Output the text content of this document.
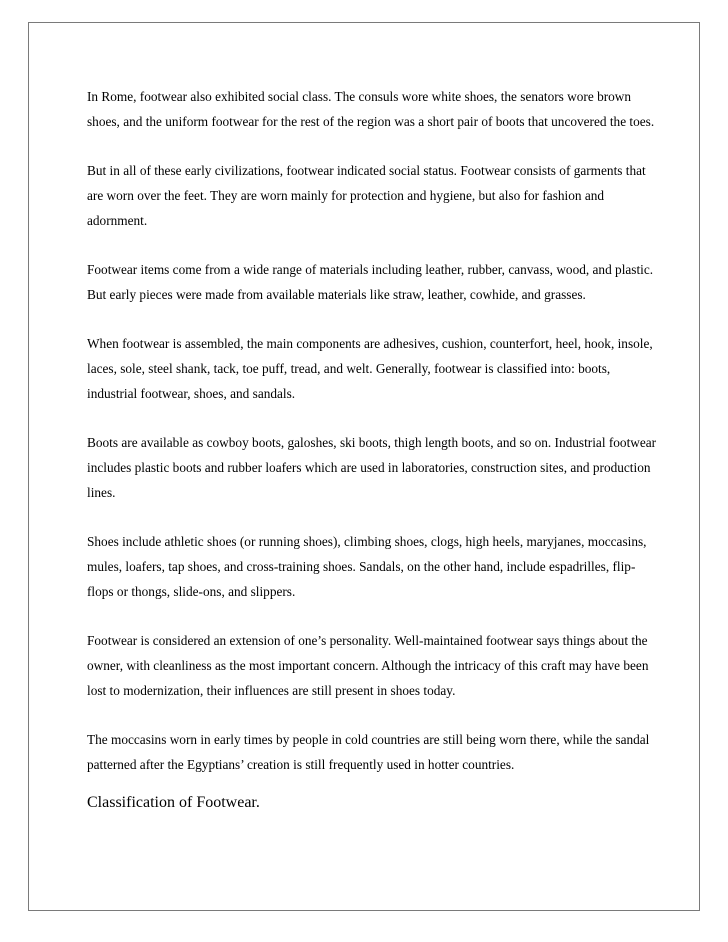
In Rome, footwear also exhibited social class. The consuls wore white shoes, the senators wore brown shoes, and the uniform footwear for the rest of the region was a short pair of boots that uncovered the toes.

But in all of these early civilizations, footwear indicated social status. Footwear consists of garments that are worn over the feet. They are worn mainly for protection and hygiene, but also for fashion and adornment.

Footwear items come from a wide range of materials including leather, rubber, canvass, wood, and plastic. But early pieces were made from available materials like straw, leather, cowhide, and grasses.

When footwear is assembled, the main components are adhesives, cushion, counterfort, heel, hook, insole, laces, sole, steel shank, tack, toe puff, tread, and welt. Generally, footwear is classified into: boots, industrial footwear, shoes, and sandals.

Boots are available as cowboy boots, galoshes, ski boots, thigh length boots, and so on. Industrial footwear includes plastic boots and rubber loafers which are used in laboratories, construction sites, and production lines.

Shoes include athletic shoes (or running shoes), climbing shoes, clogs, high heels, maryjanes, moccasins, mules, loafers, tap shoes, and cross-training shoes. Sandals, on the other hand, include espadrilles, flip-flops or thongs, slide-ons, and slippers.

Footwear is considered an extension of one’s personality. Well-maintained footwear says things about the owner, with cleanliness as the most important concern. Although the intricacy of this craft may have been lost to modernization, their influences are still present in shoes today.

The moccasins worn in early times by people in cold countries are still being worn there, while the sandal patterned after the Egyptians’ creation is still frequently used in hotter countries.

Classification of Footwear.
